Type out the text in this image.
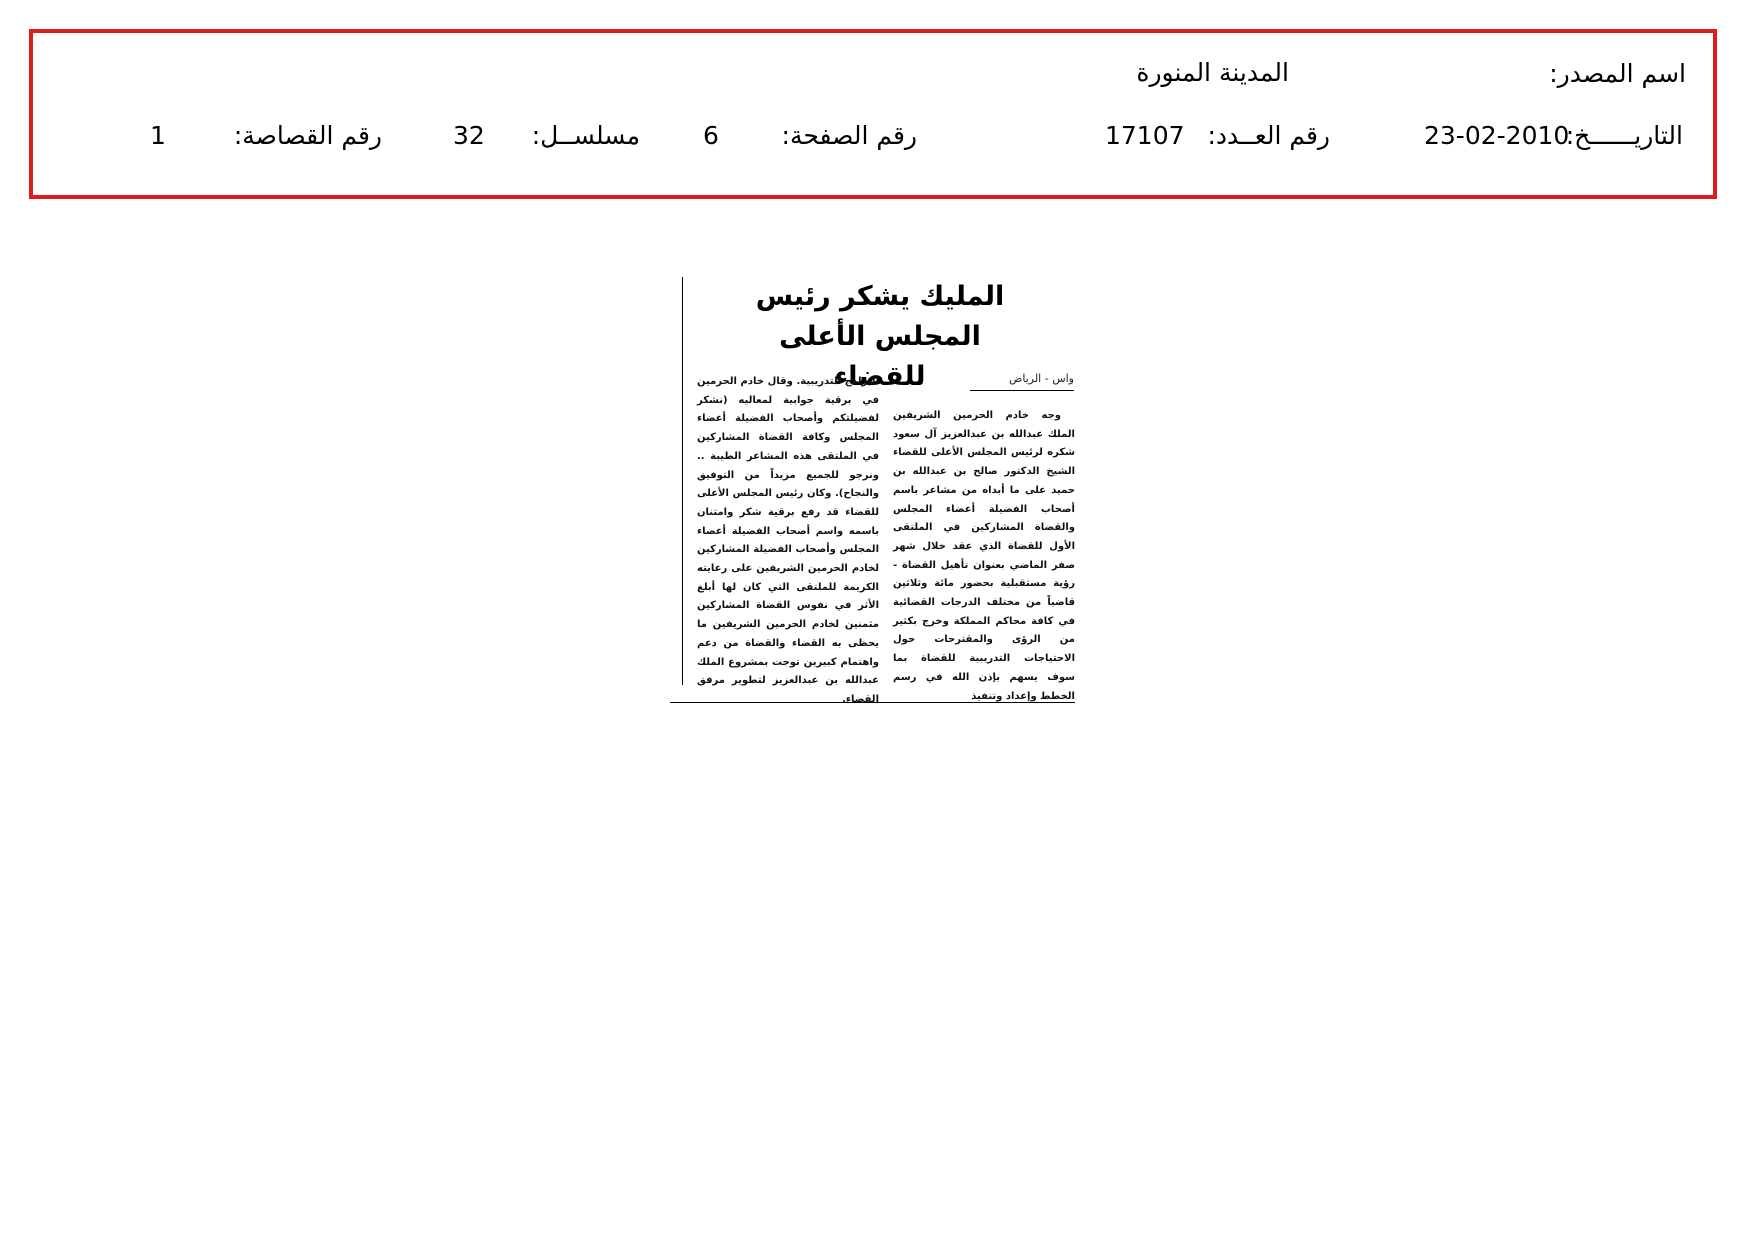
اسم المصدر:
المدينة المنورة
التاريــــــخ:
23-02-2010
رقم العــدد:
17107
رقم الصفحة:
6
مسلســل:
32
رقم القصاصة:
1
المليك يشكر رئيس
المجلس الأعلى للقضاء	واس - الرياض
وجه خادم الحرمين الشريفين الملك عبدالله بن عبدالعزيز آل سعود شكره لرئيس المجلس الأعلى للقضاء الشيخ الدكتور صالح بن عبدالله بن حميد على ما أبداه من مشاعر باسم أصحاب الفضيلة أعضاء المجلس والقضاة المشاركين في الملتقى الأول للقضاة الذي عقد خلال شهر صفر الماضي بعنوان تأهيل القضاة - رؤية مستقبلية بحضور مائة وثلاثين قاضياً من مختلف الدرجات القضائية في كافة محاكم المملكة وخرج بكثير من الرؤى والمقترحات حول الاحتياجات التدريبية للقضاة بما سوف يسهم بإذن الله في رسم الخطط وإعداد وتنفيذ
البرامج التدريبية. وقال خادم الحرمين في برقية جوابية لمعاليه (نشكر لفضيلتكم وأصحاب الفضيلة أعضاء المجلس وكافة القضاة المشاركين في الملتقى هذه المشاعر الطيبة .. ونرجو للجميع مزيداً من التوفيق والنجاح). وكان رئيس المجلس الأعلى للقضاء قد رفع برقية شكر وامتنان باسمه واسم أصحاب الفضيلة أعضاء المجلس وأصحاب الفضيلة المشاركين لخادم الحرمين الشريفين على رعايته الكريمة للملتقى التي كان لها أبلغ الأثر في نفوس القضاة المشاركين مثمنين لخادم الحرمين الشريفين ما يحظى به القضاء والقضاة من دعم واهتمام كبيرين توجت بمشروع الملك عبدالله بن عبدالعزيز لتطوير مرفق القضاء.
